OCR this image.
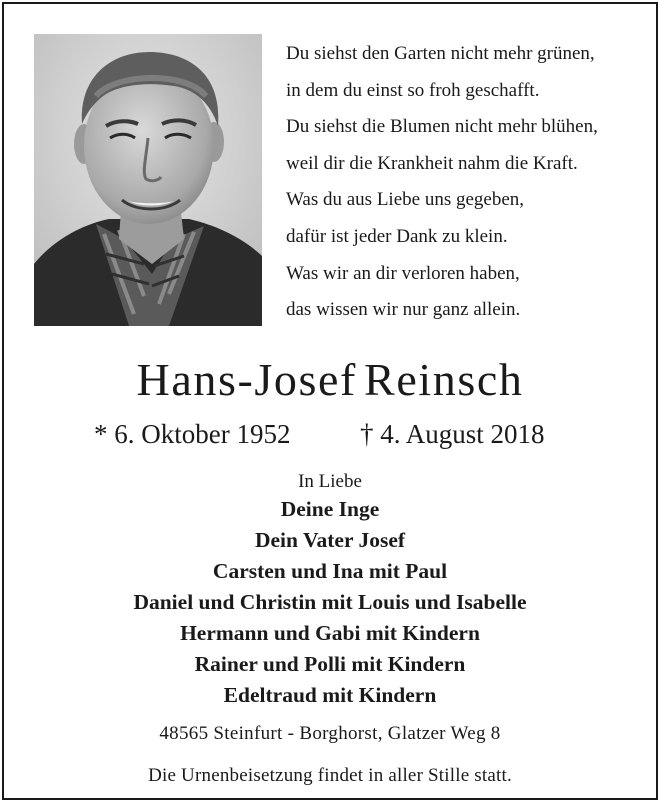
Du siehst den Garten nicht mehr grünen,
in dem du einst so froh geschafft.
Du siehst die Blumen nicht mehr blühen,
weil dir die Krankheit nahm die Kraft.
Was du aus Liebe uns gegeben,
dafür ist jeder Dank zu klein.
Was wir an dir verloren haben,
das wissen wir nur ganz allein.
Hans-Josef Reinsch
* 6. Oktober 1952	† 4. August 2018
In Liebe
Deine Inge
Dein Vater Josef
Carsten und Ina mit Paul
Daniel und Christin mit Louis und Isabelle
Hermann und Gabi mit Kindern
Rainer und Polli mit Kindern
Edeltraud mit Kindern
48565 Steinfurt - Borghorst, Glatzer Weg 8
Die Urnenbeisetzung findet in aller Stille statt.
